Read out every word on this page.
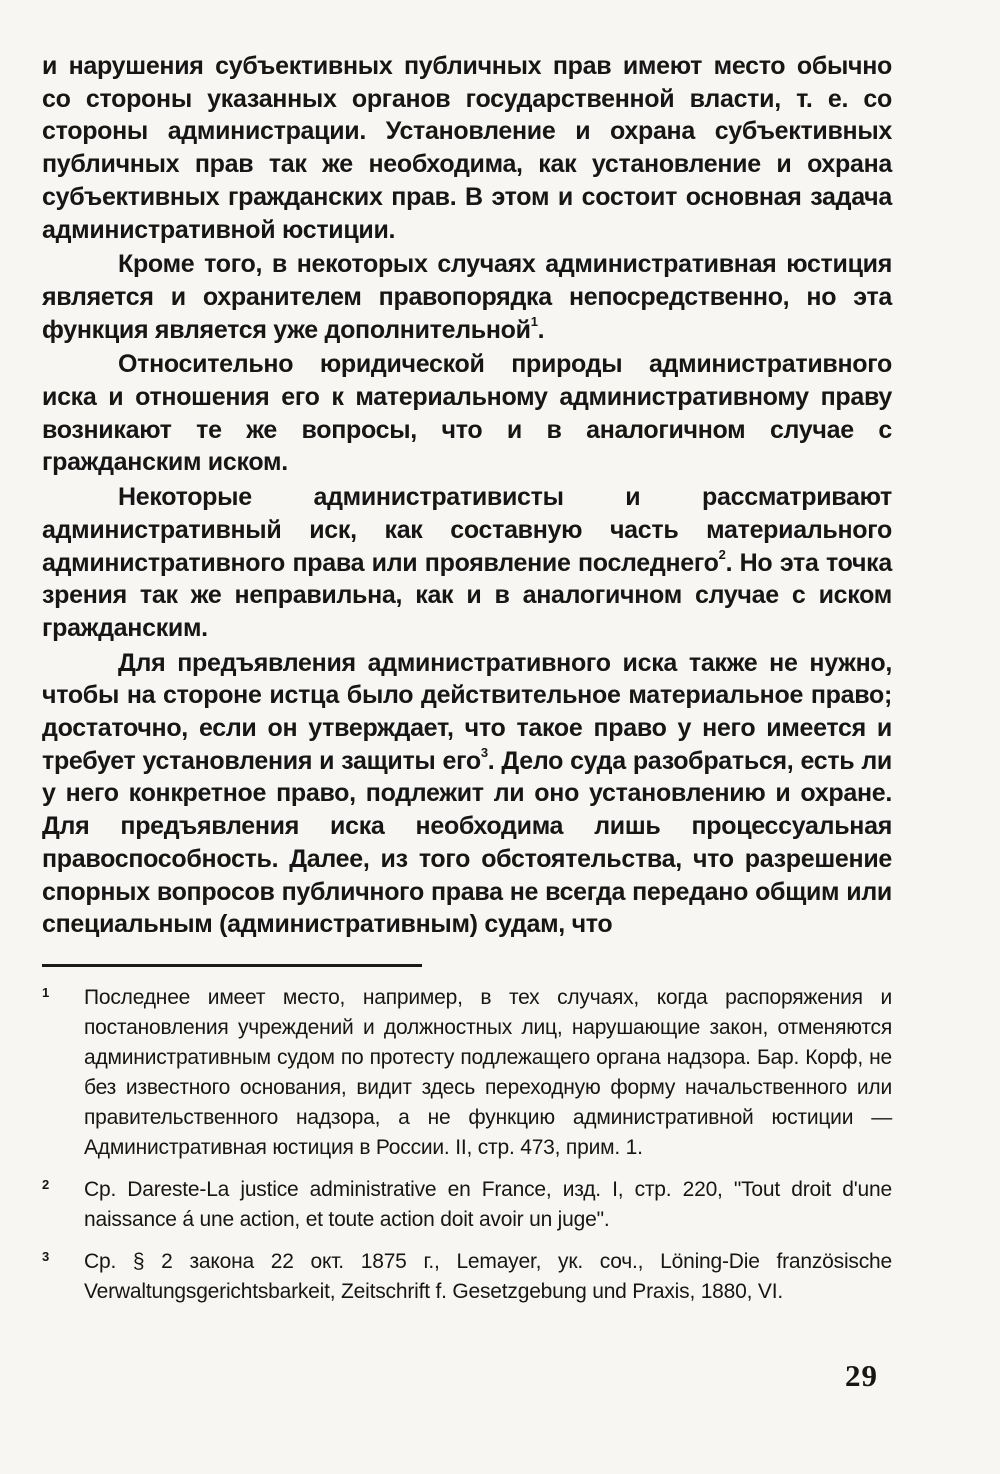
и нарушения субъективных публичных прав имеют место обычно со стороны указанных органов государственной власти, т. е. со стороны администрации. Установление и охрана субъективных публичных прав так же необходима, как установление и охрана субъективных гражданских прав. В этом и состоит основная задача административной юстиции.

Кроме того, в некоторых случаях административная юстиция является и охранителем правопорядка непосредственно, но эта функция является уже дополнительной$^1$.

Относительно юридической природы административного иска и отношения его к материальному административному праву возникают те же вопросы, что и в аналогичном случае с гражданским иском.

Некоторые административисты и рассматривают административный иск, как составную часть материального административного права или проявление последнего$^2$. Но эта точка зрения так же неправильна, как и в аналогичном случае с иском гражданским.

Для предъявления административного иска также не нужно, чтобы на стороне истца было действительное материальное право; достаточно, если он утверждает, что такое право у него имеется и требует установления и защиты его$^3$. Дело суда разобраться, есть ли у него конкретное право, подлежит ли оно установлению и охране. Для предъявления иска необходима лишь процессуальная правоспособность. Далее, из того обстоятельства, что разрешение спорных вопросов публичного права не всегда передано общим или специальным (административным) судам, что

1 Последнее имеет место, например, в тех случаях, когда распоряжения и постановления учреждений и должностных лиц, нарушающие закон, отменяются административным судом по протесту подлежащего органа надзора. Бар. Корф, не без известного основания, видит здесь переходную форму начальственного или правительственного надзора, а не функцию административной юстиции — Административная юстиция в России. II, стр. 473, прим. 1.
2 Ср. Dareste-La justice administrative en France, изд. I, стр. 220, "Tout droit d'une naissance á une action, et toute action doit avoir un juge".
3 Ср. § 2 закона 22 окт. 1875 г., Lemayer, ук. соч., Löning-Die französische Verwaltungsgerichtsbarkeit, Zeitschrift f. Gesetzgebung und Praxis, 1880, VI.
29
